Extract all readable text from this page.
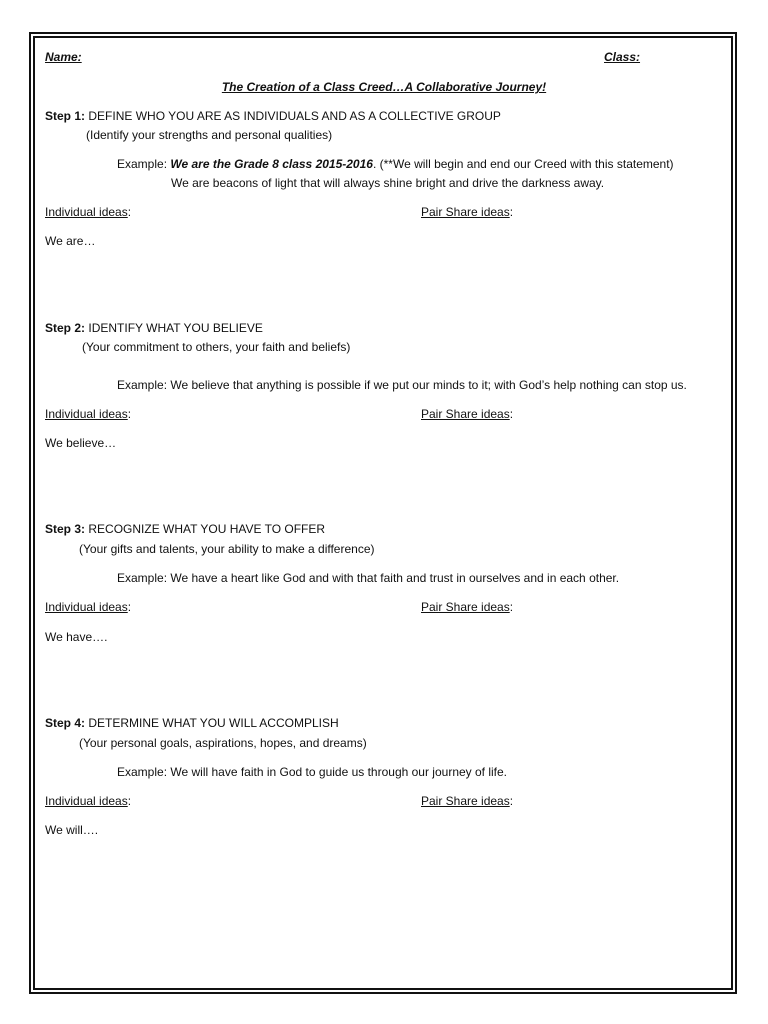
Name:	Class:
The Creation of a Class Creed…A Collaborative Journey!
Step 1: DEFINE WHO YOU ARE AS INDIVIDUALS AND AS A COLLECTIVE GROUP
(Identify your strengths and personal qualities)
Example: We are the Grade 8 class 2015-2016. (**We will begin and end our Creed with this statement)
We are beacons of light that will always shine bright and drive the darkness away.
Individual ideas:	Pair Share ideas:
We are…
Step 2: IDENTIFY WHAT YOU BELIEVE
(Your commitment to others, your faith and beliefs)
Example: We believe that anything is possible if we put our minds to it; with God’s help nothing can stop us.
Individual ideas:	Pair Share ideas:
We believe…
Step 3: RECOGNIZE WHAT YOU HAVE TO OFFER
(Your gifts and talents, your ability to make a difference)
Example: We have a heart like God and with that faith and trust in ourselves and in each other.
Individual ideas:	Pair Share ideas:
We have….
Step 4: DETERMINE WHAT YOU WILL ACCOMPLISH
(Your personal goals, aspirations, hopes, and dreams)
Example: We will have faith in God to guide us through our journey of life.
Individual ideas:	Pair Share ideas:
We will….
